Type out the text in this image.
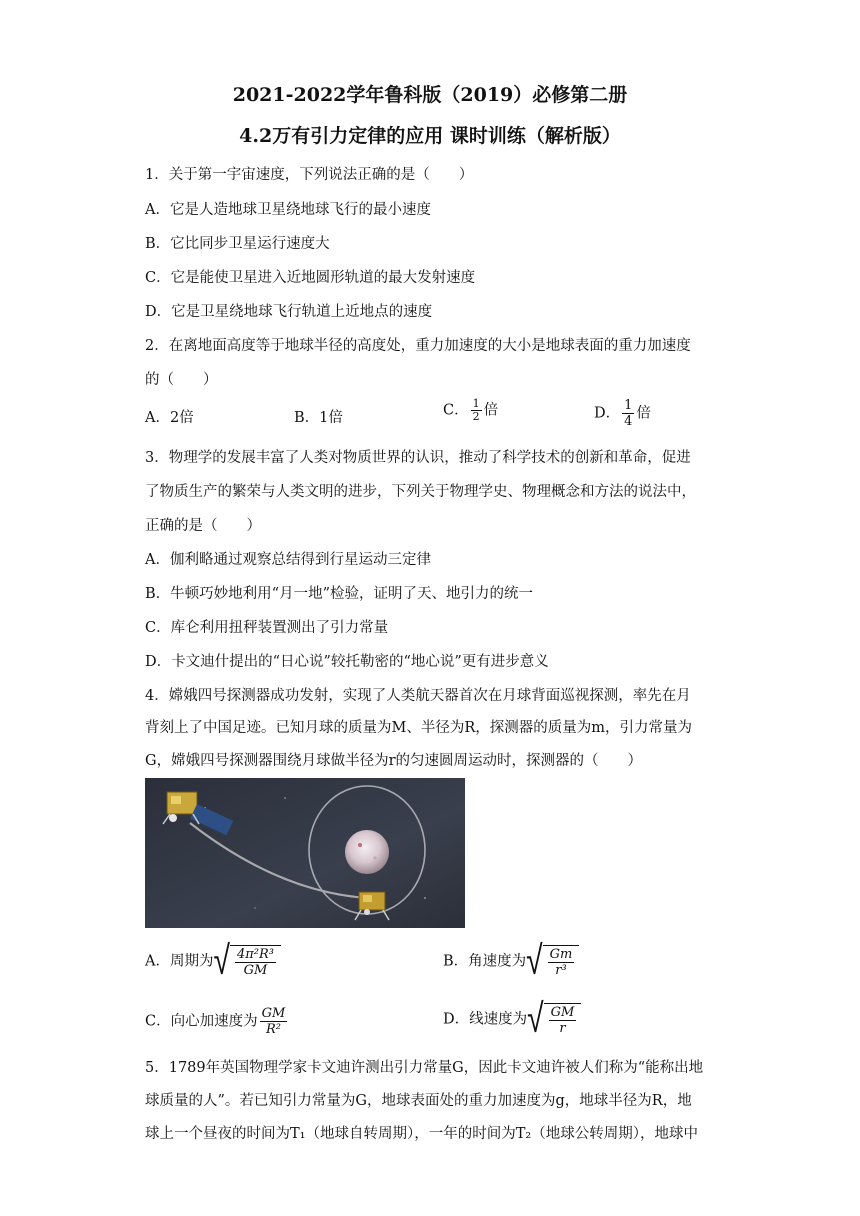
2021-2022学年鲁科版（2019）必修第二册
4.2万有引力定律的应用 课时训练（解析版）
1．关于第一宇宙速度，下列说法正确的是（　　）
A．它是人造地球卫星绕地球飞行的最小速度
B．它比同步卫星运行速度大
C．它是能使卫星进入近地圆形轨道的最大发射速度
D．它是卫星绕地球飞行轨道上近地点的速度
2．在离地面高度等于地球半径的高度处，重力加速度的大小是地球表面的重力加速度
的（　　）
A．2倍	B．1倍	C． $\frac{1}{2}$ 倍	D． $\frac{1}{4}$ 倍
3．物理学的发展丰富了人类对物质世界的认识，推动了科学技术的创新和革命，促进
了物质生产的繁荣与人类文明的进步，下列关于物理学史、物理概念和方法的说法中，
正确的是（　　）
A．伽利略通过观察总结得到行星运动三定律
B．牛顿巧妙地利用“月一地”检验，证明了天、地引力的统一
C．库仑利用扭秤装置测出了引力常量
D．卡文迪什提出的“日心说”较托勒密的“地心说”更有进步意义
4．嫦娥四号探测器成功发射，实现了人类航天器首次在月球背面巡视探测，率先在月
背刻上了中国足迹。已知月球的质量为M、半径为R，探测器的质量为m，引力常量为
G，嫦娥四号探测器围绕月球做半径为r的匀速圆周运动时，探测器的（　　）
A．周期为 √ $\frac{\text{4π²R³}}{GM}$	B．角速度为 √ $\frac{Gm}{\text{r³}}$
C．向心加速度为 $\frac{GM}{\text{R²}}$	D．线速度为 √ $\frac{GM}{r}$
5．1789年英国物理学家卡文迪许测出引力常量G，因此卡文迪许被人们称为“能称出地
球质量的人”。若已知引力常量为G，地球表面处的重力加速度为g，地球半径为R，地
球上一个昼夜的时间为T₁（地球自转周期），一年的时间为T₂（地球公转周期），地球中
